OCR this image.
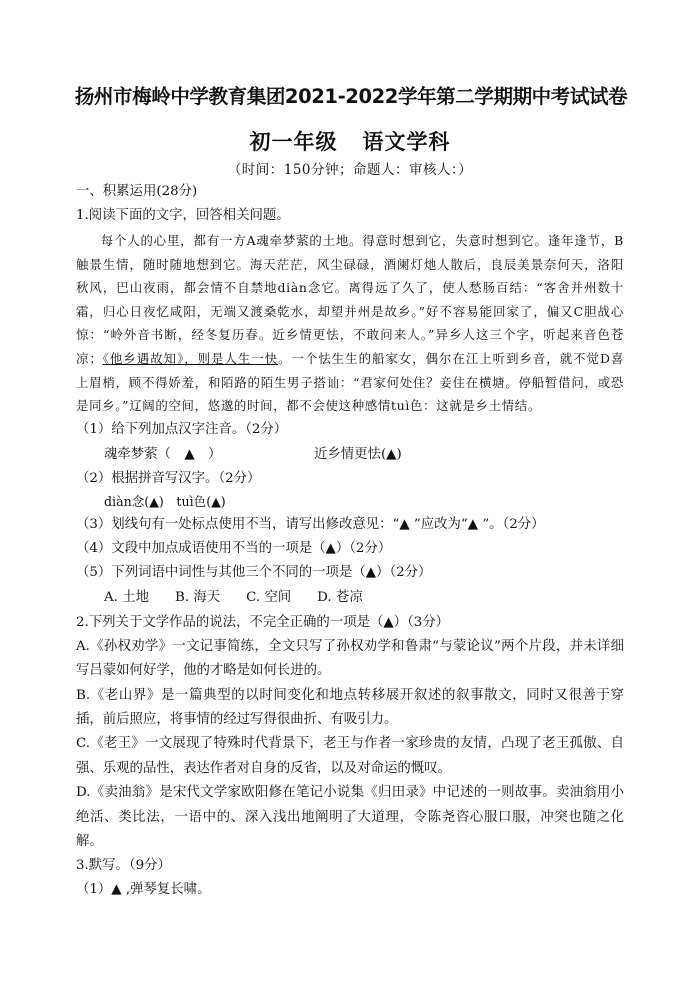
扬州市梅岭中学教育集团2021-2022学年第二学期期中考试试卷
初一年级   语文学科

（时间：150分钟；命题人：审核人：）

一、积累运用(28分)

1.阅读下面的文字，回答相关问题。

每个人的心里，都有一方A魂牵梦萦的土地。得意时想到它，失意时想到它。逢年逢节，B触景生情，随时随地想到它。海天茫茫，风尘碌碌，酒阑灯灺人散后，良辰美景奈何天，洛阳秋风，巴山夜雨，都会情不自禁地diàn念它。离得远了久了，使人愁肠百结：“客舍并州数十霜，归心日夜忆咸阳，无端又渡桑乾水，却望并州是故乡。”好不容易能回家了，偏又C胆战心惊：“岭外音书断，经冬复历春。近乡情更怯，不敢问来人。”异乡人这三个字，听起来音色苍凉；《他乡遇故知》，则是人生一快。一个怯生生的船家女，偶尔在江上听到乡音，就不觉D喜上眉梢，顾不得娇羞，和陌路的陌生男子搭讪：“君家何处住？妾住在横塘。停船暂借问，或恐是同乡。”辽阔的空间，悠邈的时间，都不会使这种感情tuì色：这就是乡土情结。

（1）给下列加点汉字注音。（2分）

魂牵梦萦（　▲　）	近乡情更怯(▲)

（2）根据拼音写汉字。（2分）

diàn念(▲)　tuì色(▲)

（3）划线句有一处标点使用不当，请写出修改意见：“▲ ”应改为“▲ ”。（2分）

（4）文段中加点成语使用不当的一项是（▲）（2分）

（5）下列词语中词性与其他三个不同的一项是（▲）（2分）

A. 土地 B. 海天 C. 空间 D. 苍凉

2.下列关于文学作品的说法，不完全正确的一项是（▲）（3分）

A.《孙权劝学》一文记事简练，全文只写了孙权劝学和鲁肃“与蒙论议”两个片段，并未详细写吕蒙如何好学，他的才略是如何长进的。

B.《老山界》是一篇典型的以时间变化和地点转移展开叙述的叙事散文，同时又很善于穿插，前后照应，将事情的经过写得很曲折、有吸引力。

C.《老王》一文展现了特殊时代背景下，老王与作者一家珍贵的友情，凸现了老王孤傲、自强、乐观的品性，表达作者对自身的反省，以及对命运的慨叹。

D.《卖油翁》是宋代文学家欧阳修在笔记小说集《归田录》中记述的一则故事。卖油翁用小绝活、类比法，一语中的、深入浅出地阐明了大道理，令陈尧咨心服口服，冲突也随之化解。

3.默写。（9分）

（1）▲ ,弹琴复长啸。
